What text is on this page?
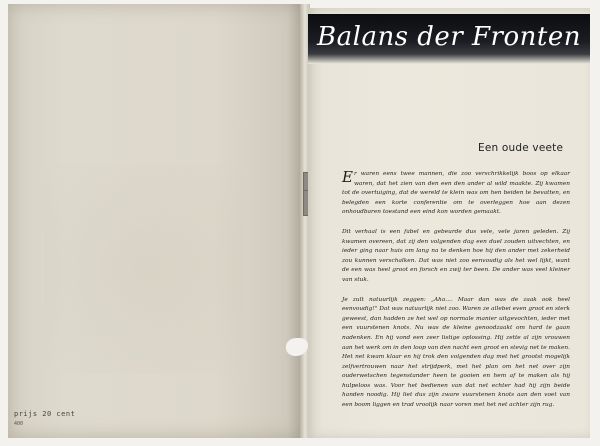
prijs 20 cent
400
Balans der Fronten
Een oude veete

Er waren eens twee mannen, die zoo verschrikkelijk boos op elkaar waren, dat het zien van den een den ander al wild maakte. Zij kwamen tot de overtuiging, dat de wereld te klein was om hen beiden te bevatten, en belegden een korte conferentie om te overleggen hoe aan dezen onhoudbaren toestand een eind kon worden gemaakt.

Dit verhaal is een fabel en gebeurde dus vele, vele jaren geleden. Zij kwamen overeen, dat zij den volgenden dag een duel zouden uitvechten, en ieder ging naar huis om lang na te denken hoe hij den ander met zekerheid zou kunnen verschalken. Dat was niet zoo eenvoudig als het wel lijkt, want de een was heel groot en forsch en zwij ter been. De ander was veel kleiner van stuk.

Je zult natuurlijk zeggen: „Aha.... Maar dan was de zaak ook heel eenvoudig!" Dat was natuurlijk niet zoo. Waren ze allebei even groot en sterk geweest, dan hadden ze het wel op normale manier uitgevochten, ieder met een vuurstenen knots. Nu was de kleine genoodzaakt om hard te gaan nadenken. En hij vond een zeer listige oplossing. Hij zette al zijn vrouwen aan het werk om in den loop van den nacht een groot en stevig net te maken. Het net kwam klaar en hij trok den volgenden dag met het grootst mogelijk zelfvertrouwen naar het strijdperk, met het plan om het net over zijn ouderwetschen tegenstander heen te gooien en hem af te maken als hij hulpeloos was. Voor het bedienen van dat net echter had hij zijn beide handen noodig. Hij liet dus zijn zware vuurstenen knots aan den voet van een boom liggen en trad vroolijk naar voren met het net achter zijn rug.
